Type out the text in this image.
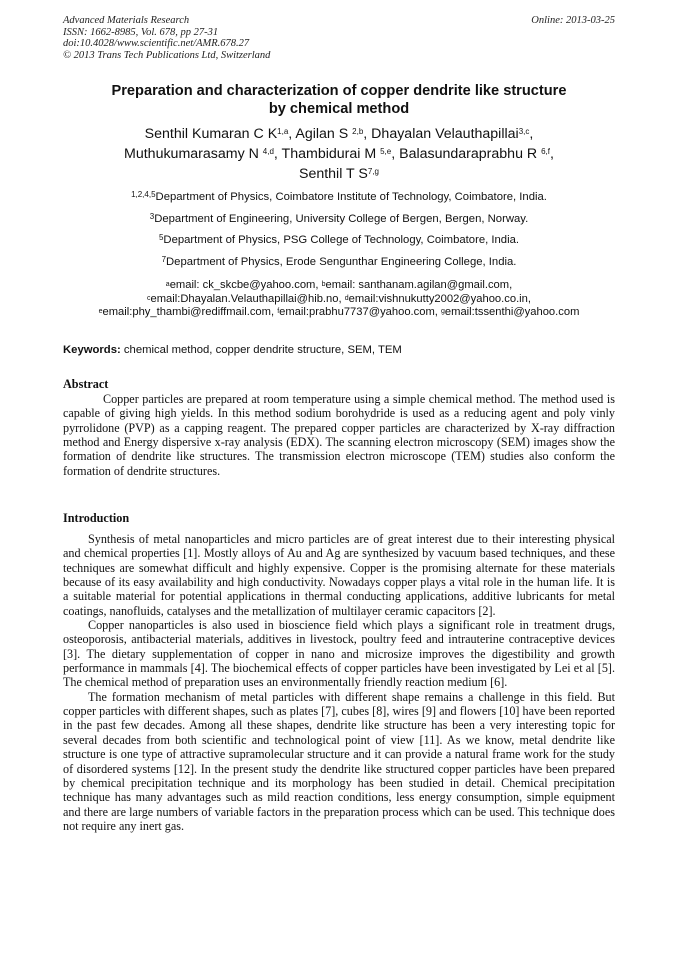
Advanced Materials Research
ISSN: 1662-8985, Vol. 678, pp 27-31
doi:10.4028/www.scientific.net/AMR.678.27
© 2013 Trans Tech Publications Ltd, Switzerland
Online: 2013-03-25
Preparation and characterization of copper dendrite like structure
by chemical method
Senthil Kumaran C K$^{1,a}$, Agilan S $^{2,b}$, Dhayalan Velauthapillai$^{3,c}$,
Muthukumarasamy N $^{4,d}$, Thambidurai M $^{5,e}$, Balasundaraprabhu R $^{6,f}$,
Senthil T S$^{7,g}$
$^{1,2,4,5}$Department of Physics, Coimbatore Institute of Technology, Coimbatore, India.
$^3$Department of Engineering, University College of Bergen, Bergen, Norway.
$^5$Department of Physics, PSG College of Technology, Coimbatore, India.
$^7$Department of Physics, Erode Sengunthar Engineering College, India.
$^a$email: ck_skcbe@yahoo.com, $^b$email: santhanam.agilan@gmail.com,
$^c$email:Dhayalan.Velauthapillai@hib.no, $^d$email:vishnukutty2002@yahoo.co.in,
$^e$email:phy_thambi@rediffmail.com, $^f$email:prabhu7737@yahoo.com, $^g$email:tssenthi@yahoo.com
Keywords: chemical method, copper dendrite structure, SEM, TEM
Abstract

Copper particles are prepared at room temperature using a simple chemical method. The method used is capable of giving high yields. In this method sodium borohydride is used as a reducing agent and poly vinly pyrrolidone (PVP) as a capping reagent. The prepared copper particles are characterized by X-ray diffraction method and Energy dispersive x-ray analysis (EDX). The scanning electron microscopy (SEM) images show the formation of dendrite like structures. The transmission electron microscope (TEM) studies also conform the formation of dendrite structures.

Introduction

Synthesis of metal nanoparticles and micro particles are of great interest due to their interesting physical and chemical properties [1]. Mostly alloys of Au and Ag are synthesized by vacuum based techniques, and these techniques are somewhat difficult and highly expensive. Copper is the promising alternate for these materials because of its easy availability and high conductivity. Nowadays copper plays a vital role in the human life. It is a suitable material for potential applications in thermal conducting applications, additive lubricants for metal coatings, nanofluids, catalyses and the metallization of multilayer ceramic capacitors [2].

Copper nanoparticles is also used in bioscience field which plays a significant role in treatment drugs, osteoporosis, antibacterial materials, additives in livestock, poultry feed and intrauterine contraceptive devices [3]. The dietary supplementation of copper in nano and microsize improves the digestibility and growth performance in mammals [4]. The biochemical effects of copper particles have been investigated by Lei et al [5]. The chemical method of preparation uses an environmentally friendly reaction medium [6].

The formation mechanism of metal particles with different shape remains a challenge in this field. But copper particles with different shapes, such as plates [7], cubes [8], wires [9] and flowers [10] have been reported in the past few decades. Among all these shapes, dendrite like structure has been a very interesting topic for several decades from both scientific and technological point of view [11]. As we know, metal dendrite like structure is one type of attractive supramolecular structure and it can provide a natural frame work for the study of disordered systems [12]. In the present study the dendrite like structured copper particles have been prepared by chemical precipitation technique and its morphology has been studied in detail. Chemical precipitation technique has many advantages such as mild reaction conditions, less energy consumption, simple equipment and there are large numbers of variable factors in the preparation process which can be used. This technique does not require any inert gas.
